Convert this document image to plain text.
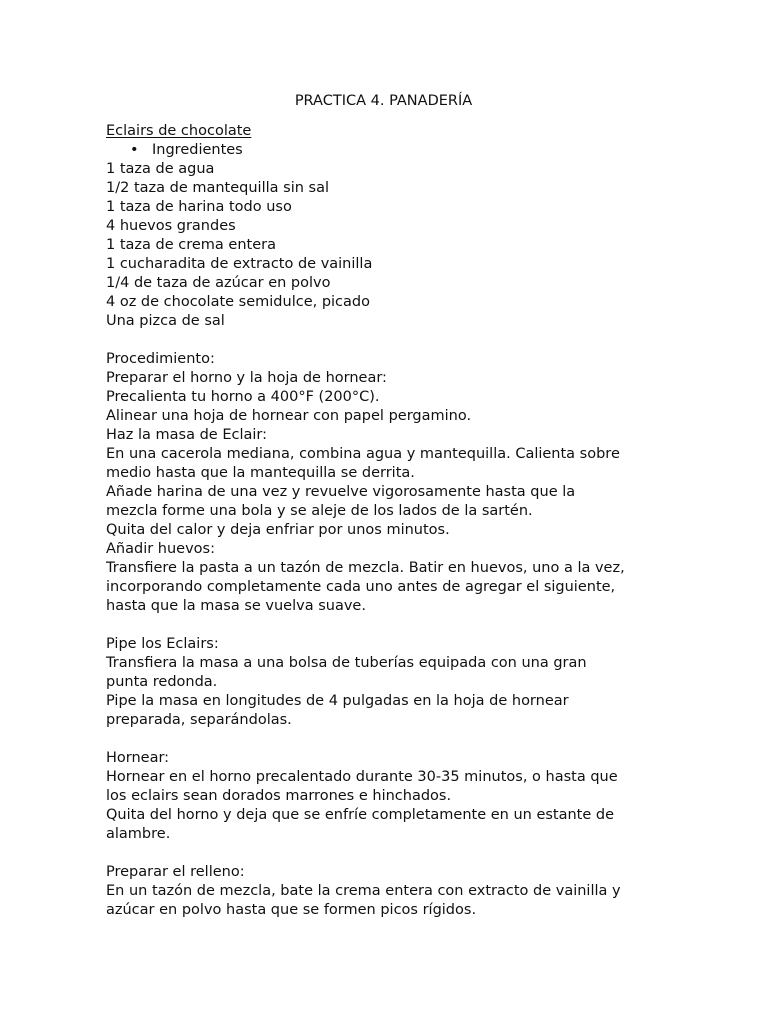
PRACTICA 4. PANADERÍA
Eclairs de chocolate
• Ingredientes
1 taza de agua
1/2 taza de mantequilla sin sal
1 taza de harina todo uso
4 huevos grandes
1 taza de crema entera
1 cucharadita de extracto de vainilla
1/4 de taza de azúcar en polvo
4 oz de chocolate semidulce, picado
Una pizca de sal
Procedimiento:
Preparar el horno y la hoja de hornear:
Precalienta tu horno a 400°F (200°C).
Alinear una hoja de hornear con papel pergamino.
Haz la masa de Eclair:
En una cacerola mediana, combina agua y mantequilla. Calienta sobre
medio hasta que la mantequilla se derrita.
Añade harina de una vez y revuelve vigorosamente hasta que la
mezcla forme una bola y se aleje de los lados de la sartén.
Quita del calor y deja enfriar por unos minutos.
Añadir huevos:
Transfiere la pasta a un tazón de mezcla. Batir en huevos, uno a la vez,
incorporando completamente cada uno antes de agregar el siguiente,
hasta que la masa se vuelva suave.
Pipe los Eclairs:
Transfiera la masa a una bolsa de tuberías equipada con una gran
punta redonda.
Pipe la masa en longitudes de 4 pulgadas en la hoja de hornear
preparada, separándolas.
Hornear:
Hornear en el horno precalentado durante 30-35 minutos, o hasta que
los eclairs sean dorados marrones e hinchados.
Quita del horno y deja que se enfríe completamente en un estante de
alambre.
Preparar el relleno:
En un tazón de mezcla, bate la crema entera con extracto de vainilla y
azúcar en polvo hasta que se formen picos rígidos.
